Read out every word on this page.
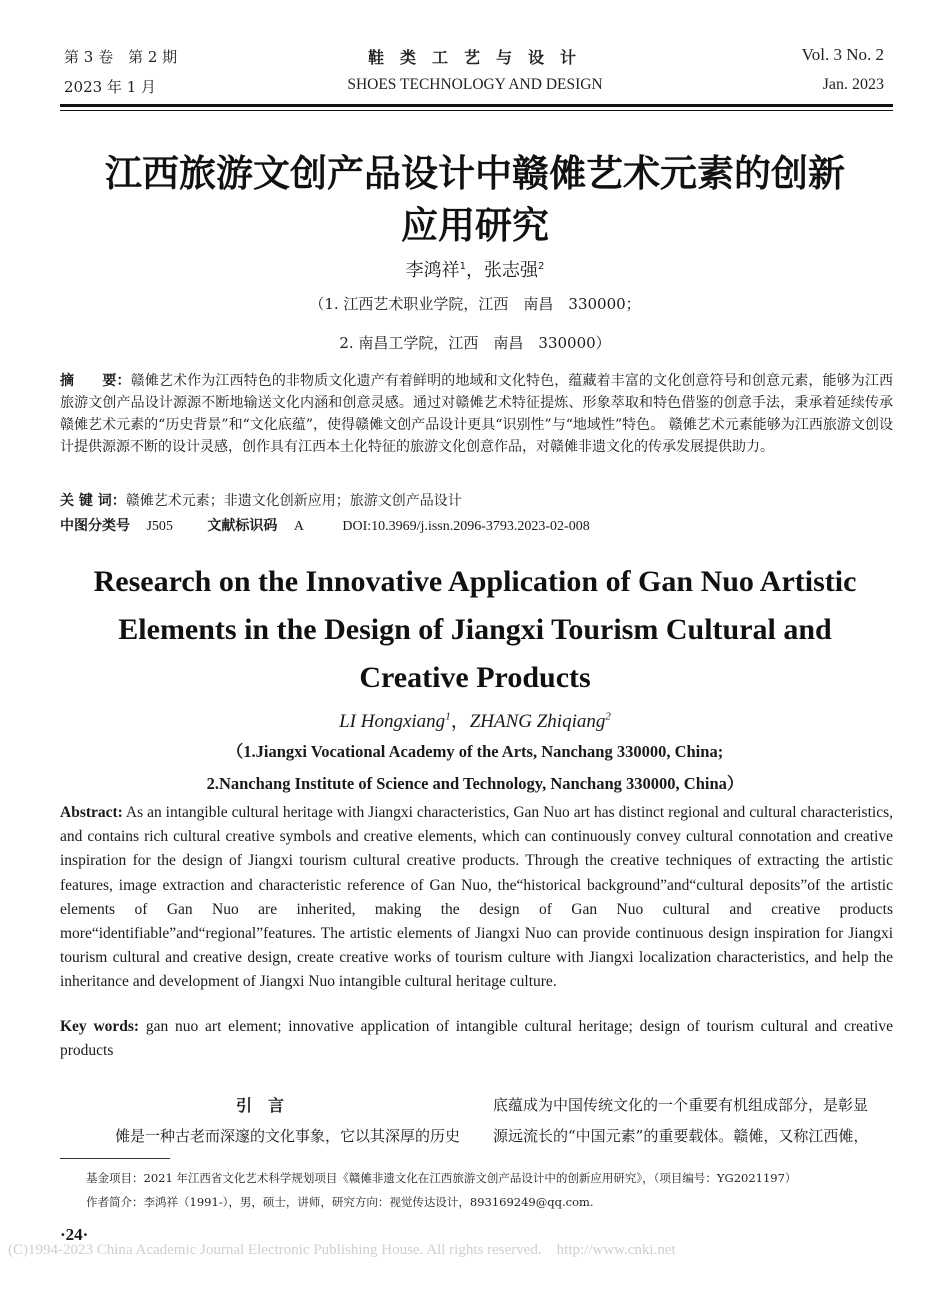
第 3 卷　第 2 期
2023 年 1 月
鞋类工艺与设计
SHOES TECHNOLOGY AND DESIGN
Vol. 3 No. 2
Jan. 2023
江西旅游文创产品设计中赣傩艺术元素的创新
应用研究
李鸿祥$^1$，张志强$^2$
（1. 江西艺术职业学院，江西　南昌　330000；
2. 南昌工学院，江西　南昌　330000）
摘　　要：赣傩艺术作为江西特色的非物质文化遗产有着鲜明的地域和文化特色，蕴藏着丰富的文化创意符号和创意元素，能够为江西旅游文创产品设计源源不断地输送文化内涵和创意灵感。通过对赣傩艺术特征提炼、形象萃取和特色借鉴的创意手法，秉承着延续传承赣傩艺术元素的“历史背景”和“文化底蕴”，使得赣傩文创产品设计更具“识别性”与“地域性”特色。 赣傩艺术元素能够为江西旅游文创设计提供源源不断的设计灵感，创作具有江西本土化特征的旅游文化创意作品，对赣傩非遗文化的传承发展提供助力。
关 键 词：赣傩艺术元素；非遗文化创新应用；旅游文创产品设计
中图分类号 J505 文献标识码 A	DOI:10.3969/j.issn.2096-3793.2023-02-008
Research on the Innovative Application of Gan Nuo Artistic
Elements in the Design of Jiangxi Tourism Cultural and
Creative Products
LI Hongxiang$^1$，ZHANG Zhiqiang$^2$
（1.Jiangxi Vocational Academy of the Arts, Nanchang 330000, China;
2.Nanchang Institute of Science and Technology, Nanchang 330000, China）
Abstract: As an intangible cultural heritage with Jiangxi characteristics, Gan Nuo art has distinct regional and cultural characteristics, and contains rich cultural creative symbols and creative elements, which can continuously convey cultural connotation and creative inspiration for the design of Jiangxi tourism cultural creative products. Through the creative techniques of extracting the artistic features, image extraction and characteristic reference of Gan Nuo, the“historical background”and“cultural deposits”of the artistic elements of Gan Nuo are inherited, making the design of Gan Nuo cultural and creative products more“identifiable”and“regional”features. The artistic elements of Jiangxi Nuo can provide continuous design inspiration for Jiangxi tourism cultural and creative design, create creative works of tourism culture with Jiangxi localization characteristics, and help the inheritance and development of Jiangxi Nuo intangible cultural heritage culture.
Key words: gan nuo art element; innovative application of intangible cultural heritage; design of tourism cultural and creative products
引　言
傩是一种古老而深邃的文化事象，它以其深厚的历史
底蕴成为中国传统文化的一个重要有机组成部分，是彰显
源远流长的“中国元素”的重要载体。赣傩，又称江西傩，
基金项目：2021 年江西省文化艺术科学规划项目《赣傩非遗文化在江西旅游文创产品设计中的创新应用研究》，（项目编号：YG2021197）
作者简介：李鸿祥（1991-），男，硕士，讲师，研究方向：视觉传达设计，893169249@qq.com.
·24·
(C)1994-2023 China Academic Journal Electronic Publishing House. All rights reserved.    http://www.cnki.net
